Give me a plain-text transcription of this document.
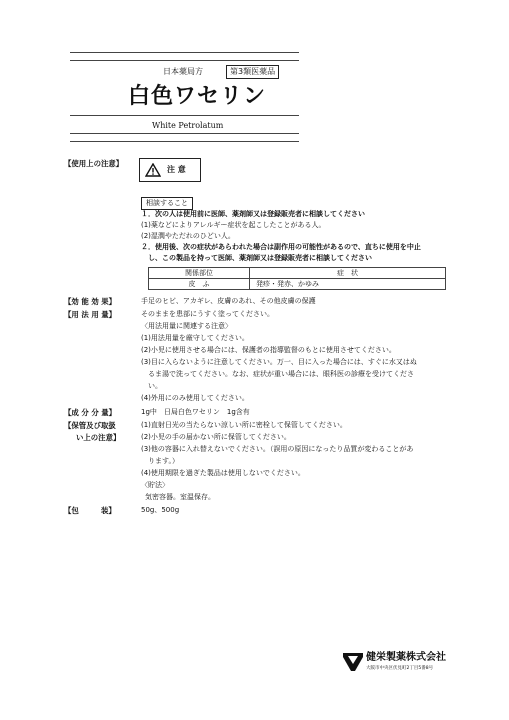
日本薬局方	第3類医薬品
白色ワセリン
White Petrolatum
【使用上の注意】
注 意
相談すること
１．次の人は使用前に医師、薬剤師又は登録販売者に相談してください
(1)薬などによりアレルギー症状を起こしたことがある人。
(2)湿潤やただれのひどい人。
２．使用後、次の症状があらわれた場合は副作用の可能性があるので、直ちに使用を中止
　し、この製品を持って医師、薬剤師又は登録販売者に相談してください
関係部位	症　状
皮　ふ	発疹・発赤、かゆみ
【効 能 効 果】	手足のヒビ、アカギレ、皮膚のあれ、その他皮膚の保護
【用 法 用 量】	そのままを患部にうすく塗ってください。
〈用法用量に関連する注意〉
(1)用法用量を厳守してください。
(2)小児に使用させる場合には、保護者の指導監督のもとに使用させてください。
(3)目に入らないように注意してください。万一、目に入った場合には、すぐに水又はぬ
　るま湯で洗ってください。なお、症状が重い場合には、眼科医の診療を受けてくださ
　い。
(4)外用にのみ使用してください。
【成 分 分 量】	1g中　日局白色ワセリン　1g含有
【保管及び取扱
い上の注意】
(1)直射日光の当たらない涼しい所に密栓して保管してください。
(2)小児の手の届かない所に保管してください。
(3)他の容器に入れ替えないでください。（誤用の原因になったり品質が変わることがあ
　ります。）
(4)使用期限を過ぎた製品は使用しないでください。
〈貯法〉
気密容器。室温保存。
【包　　　装】	50g、500g
健栄製薬株式会社
大阪市中央区伏見町2丁目5番8号
